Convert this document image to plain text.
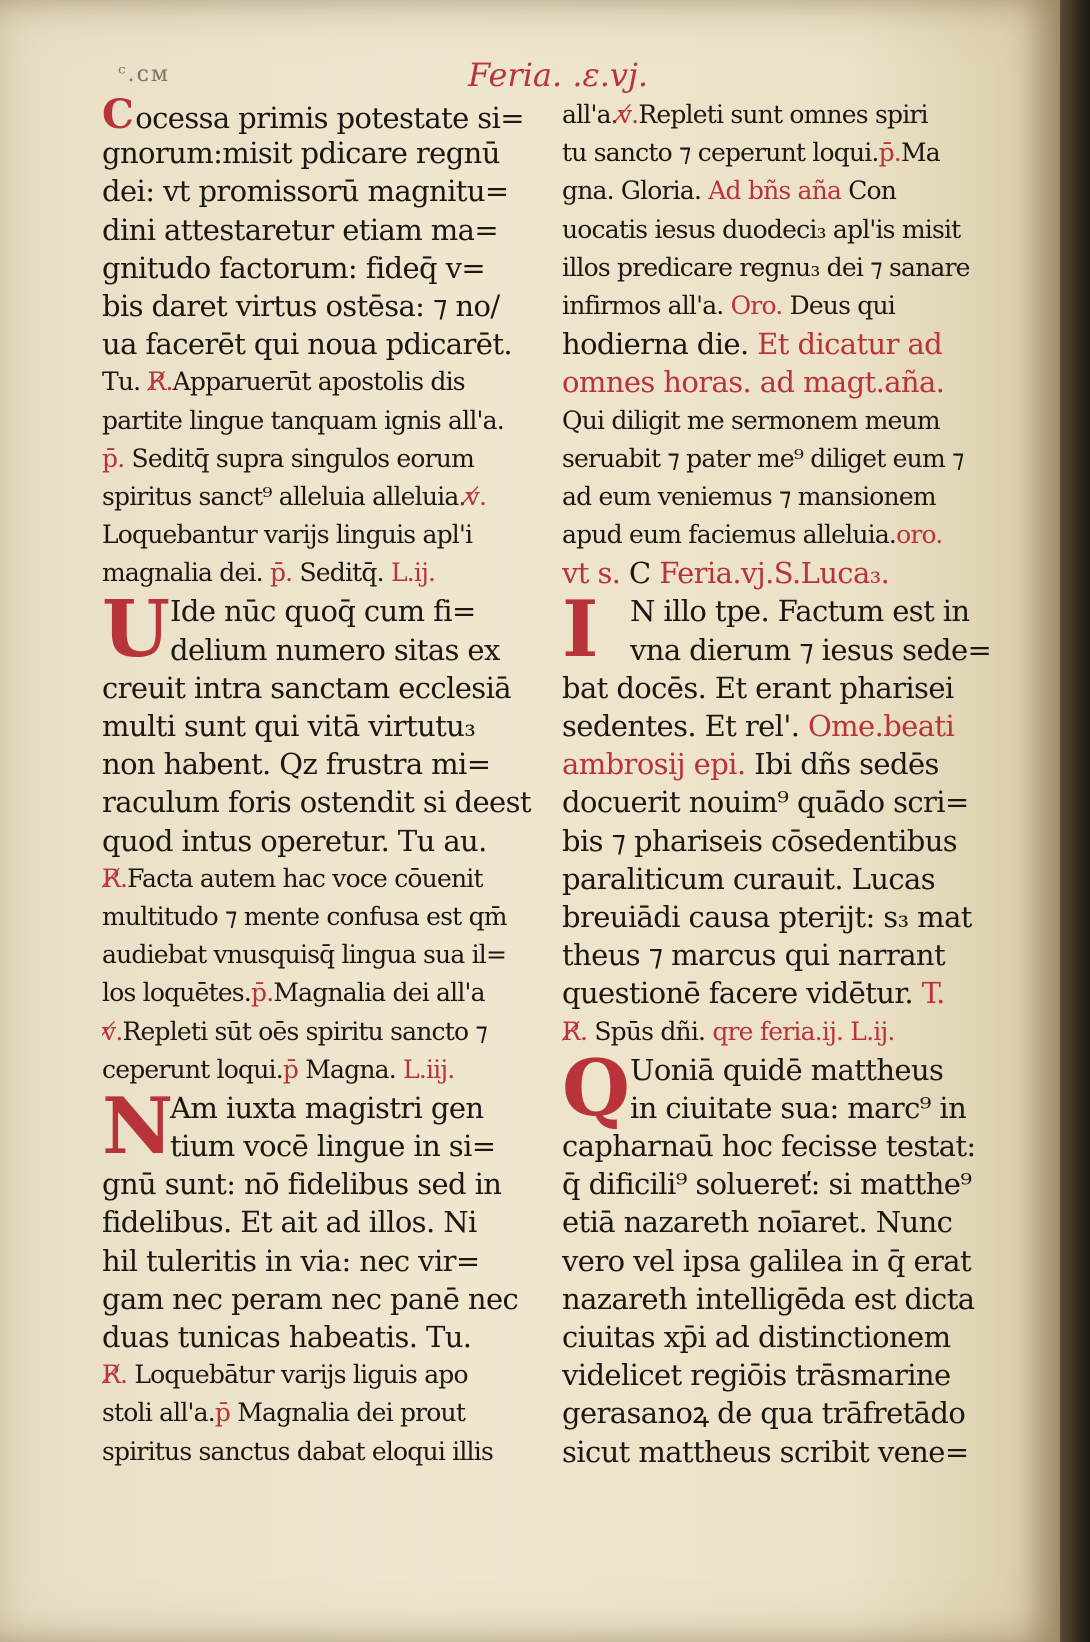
ᶜ.ᴄᴍ	Feria. .ɛ.vj.
Cocessa primis potestate si=
gnorum:misit pdicare regnū
dei: vt promissorū magnitu=
dini attestaretur etiam ma=
gnitudo factorum: fideq̄ v=
bis daret virtus ostēsa: ⁊ no/
ua facerēt qui noua pdicarēt.
Tu. R̸.Apparuerūt apostolis dis
partite lingue tanquam ignis all'a.
p̄. Seditq̄ supra singulos eorum
spiritus sanct⁹ alleluia alleluia.v̸.
Loquebantur varijs linguis apl'i
magnalia dei. p̄. Seditq̄. L.ij.
U Ide nūc quoq̄ cum fi=
delium numero sitas ex
creuit intra sanctam ecclesiā
multi sunt qui vitā virtutu₃
non habent. Qz frustra mi=
raculum foris ostendit si deest
quod intus operetur. Tu au.
R̸.Facta autem hac voce cōuenit
multitudo ⁊ mente confusa est qm̄
audiebat vnusquisq̄ lingua sua il=
los loquētes.p̄.Magnalia dei all'a
v̸.Repleti sūt oēs spiritu sancto ⁊
ceperunt loqui.p̄ Magna. L.iij.
N
Am iuxta magistri gen
tium vocē lingue in si=
gnū sunt: nō fidelibus sed in
fidelibus. Et ait ad illos. Ni
hil tuleritis in via: nec vir=
gam nec peram nec panē nec
duas tunicas habeatis. Tu.
R̸. Loquebātur varijs liguis apo
stoli all'a.p̄ Magnalia dei prout
spiritus sanctus dabat eloqui illis
all'a.v̸.Repleti sunt omnes spiri
tu sancto ⁊ ceperunt loqui.p̄.Ma
gna. Gloria. Ad bñs aña Con
uocatis iesus duodeci₃ apl'is misit
illos predicare regnu₃ dei ⁊ sanare
infirmos all'a. Oro. Deus qui
hodierna die. Et dicatur ad
omnes horas. ad magt.aña.
Qui diligit me sermonem meum
seruabit ⁊ pater me⁹ diliget eum ⁊
ad eum veniemus ⁊ mansionem
apud eum faciemus alleluia.oro.
vt s. C Feria.vj.S.Luca₃.
I N illo tpe. Factum est in
vna dierum ⁊ iesus sede=
bat docēs. Et erant pharisei
sedentes. Et rel'. Ome.beati
ambrosij epi. Ibi dñs sedēs
docuerit nouim⁹ quādo scri=
bis ⁊ phariseis cōsedentibus
paraliticum curauit. Lucas
breuiādi causa pterijt: s₃ mat
theus ⁊ marcus qui narrant
questionē facere vidētur. T.
R̸. Spūs dñi. qre feria.ij. L.ij.
Q Uoniā quidē mattheus
in ciuitate sua: marc⁹ in
capharnaū hoc fecisse testat:
q̄ dificili⁹ soluereť: si matthe⁹
etiā nazareth noīaret. Nunc
vero vel ipsa galilea in q̄ erat
nazareth intelligēda est dicta
ciuitas xp̄i ad distinctionem
videlicet regiōis trāsmarine
gerasanoꝝ de qua trāfretādo
sicut mattheus scribit vene=
